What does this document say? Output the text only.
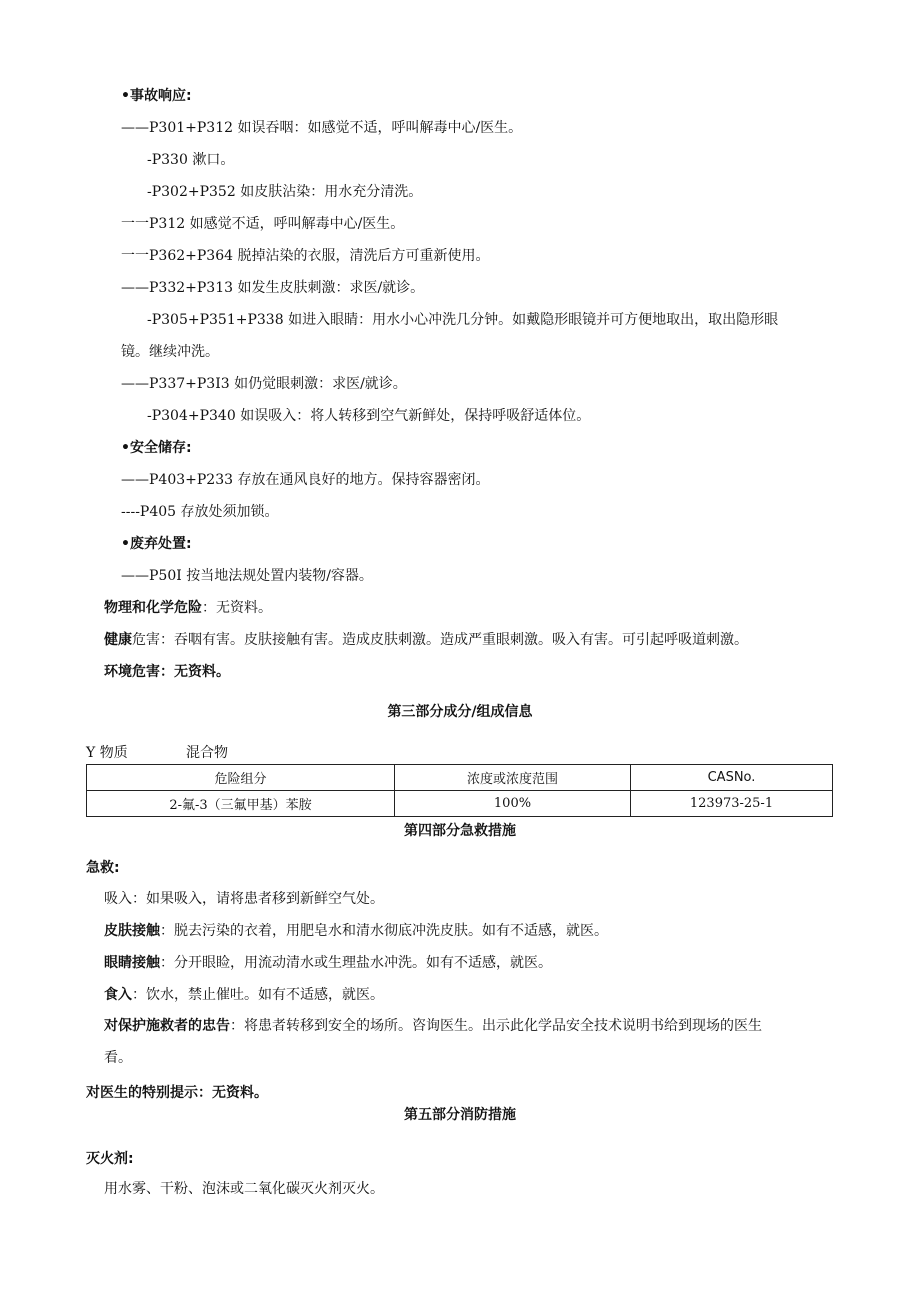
•事故响应:
——P301+P312 如误吞咽：如感觉不适，呼叫解毒中心/医生。
-P330 漱口。
-P302+P352 如皮肤沾染：用水充分清洗。
一一P312 如感觉不适，呼叫解毒中心/医生。
一一P362+P364 脱掉沾染的衣服，清洗后方可重新使用。
——P332+P313 如发生皮肤刺激：求医/就诊。
-P305+P351+P338 如进入眼睛：用水小心冲洗几分钟。如戴隐形眼镜并可方便地取出，取出隐形眼
镜。继续冲洗。
——P337+P3I3 如仍觉眼刺激：求医/就诊。
-P304+P340 如误吸入：将人转移到空气新鲜处，保持呼吸舒适体位。
•安全储存:
——P403+P233 存放在通风良好的地方。保持容器密闭。
----P405 存放处须加锁。
•废弃处置:
——P50I 按当地法规处置内装物/容器。
物理和化学危险：无资料。
健康危害：吞咽有害。皮肤接触有害。造成皮肤刺激。造成严重眼刺激。吸入有害。可引起呼吸道刺激。
环境危害：无资料。
第三部分成分/组成信息
Y 物质	混合物
危险组分	浓度或浓度范围	CASNo.
2-氟-3（三氟甲基）苯胺	100%	123973-25-1
第四部分急救措施
急救:
吸入：如果吸入，请将患者移到新鲜空气处。
皮肤接触：脱去污染的衣着，用肥皂水和清水彻底冲洗皮肤。如有不适感，就医。
眼睛接触：分开眼睑，用流动清水或生理盐水冲洗。如有不适感，就医。
食入：饮水，禁止催吐。如有不适感，就医。
对保护施救者的忠告：将患者转移到安全的场所。咨询医生。出示此化学品安全技术说明书给到现场的医生
看。
对医生的特别提示：无资料。
第五部分消防措施
灭火剂:
用水雾、干粉、泡沫或二氧化碳灭火剂灭火。
